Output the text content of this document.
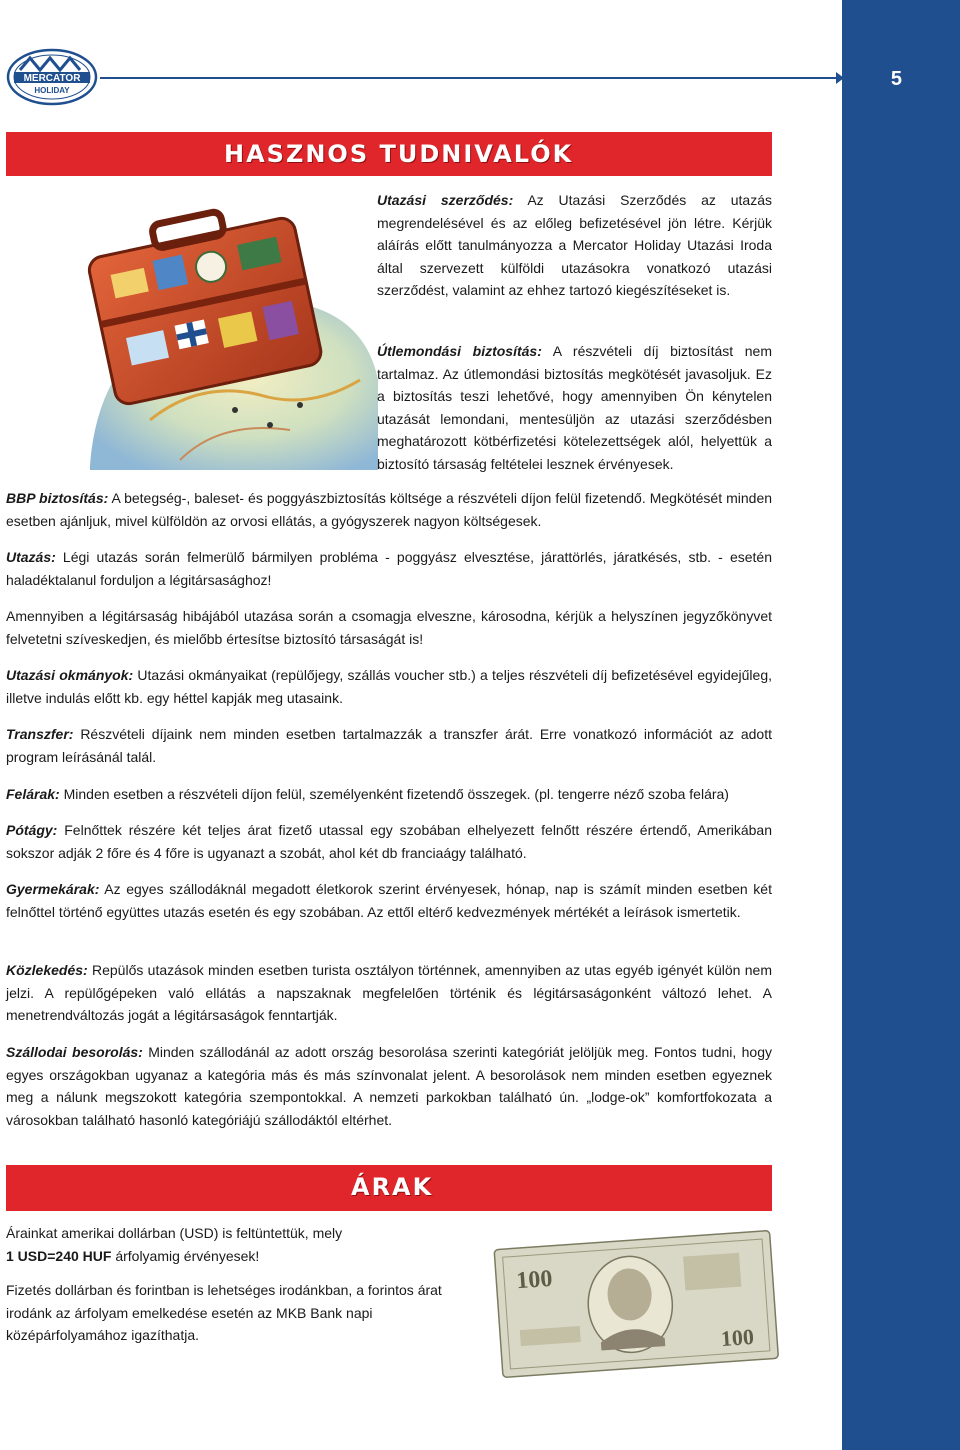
5
MERCATOR
HOLIDAY
HASZNOS TUDNIVALÓK

Utazási szerződés: Az Utazási Szerződés az utazás megrendelésével és az előleg befizetésével jön létre. Kérjük aláírás előtt tanulmányozza a Mercator Holiday Utazási Iroda által szervezett külföldi utazásokra vonatkozó utazási szerződést, valamint az ehhez tartozó kiegészítéseket is.

Útlemondási biztosítás: A részvételi díj biztosítást nem tartalmaz. Az útlemondási biztosítás megkötését javasoljuk. Ez a biztosítás teszi lehetővé, hogy amennyiben Ön kénytelen utazását lemondani, mentesüljön az utazási szerződésben meghatározott kötbérfizetési kötelezettségek alól, helyettük a biztosító társaság feltételei lesznek érvényesek.

BBP biztosítás: A betegség-, baleset- és poggyászbiztosítás költsége a részvételi díjon felül fizetendő. Megkötését minden esetben ajánljuk, mivel külföldön az orvosi ellátás, a gyógyszerek nagyon költségesek.

Utazás: Légi utazás során felmerülő bármilyen probléma - poggyász elvesztése, járattörlés, járatkésés, stb. - esetén haladéktalanul forduljon a légitársasághoz!

Amennyiben a légitársaság hibájából utazása során a csomagja elveszne, károsodna, kérjük a helyszínen jegyzőkönyvet felvetetni szíveskedjen, és mielőbb értesítse biztosító társaságát is!

Utazási okmányok: Utazási okmányaikat (repülőjegy, szállás voucher stb.) a teljes részvételi díj befizetésével egyidejűleg, illetve indulás előtt kb. egy héttel kapják meg utasaink.

Transzfer: Részvételi díjaink nem minden esetben tartalmazzák a transzfer árát. Erre vonatkozó információt az adott program leírásánál talál.

Felárak: Minden esetben a részvételi díjon felül, személyenként fizetendő összegek. (pl. tengerre néző szoba felára)

Pótágy: Felnőttek részére két teljes árat fizető utassal egy szobában elhelyezett felnőtt részére értendő, Amerikában sokszor adják 2 főre és 4 főre is ugyanazt a szobát, ahol két db franciaágy található.

Gyermekárak: Az egyes szállodáknál megadott életkorok szerint érvényesek, hónap, nap is számít minden esetben két felnőttel történő együttes utazás esetén és egy szobában. Az ettől eltérő kedvezmények mértékét a leírások ismertetik.

Közlekedés: Repülős utazások minden esetben turista osztályon történnek, amennyiben az utas egyéb igényét külön nem jelzi. A repülőgépeken való ellátás a napszaknak megfelelően történik és légitársaságonként változó lehet. A menetrendváltozás jogát a légitársaságok fenntartják.

Szállodai besorolás: Minden szállodánál az adott ország besorolása szerinti kategóriát jelöljük meg. Fontos tudni, hogy egyes országokban ugyanaz a kategória más és más színvonalat jelent. A besorolások nem minden esetben egyeznek meg a nálunk megszokott kategória szempontokkal. A nemzeti parkokban található ún. „lodge-ok” komfortfokozata a városokban található hasonló kategóriájú szállodáktól eltérhet.

ÁRAK

Árainkat amerikai dollárban (USD) is feltüntettük, mely
1 USD=240 HUF árfolyamig érvényesek!

Fizetés dollárban és forintban is lehetséges irodánkban, a forintos árat irodánk az árfolyam emelkedése esetén az MKB Bank napi középárfolyamához igazíthatja.

100
100
